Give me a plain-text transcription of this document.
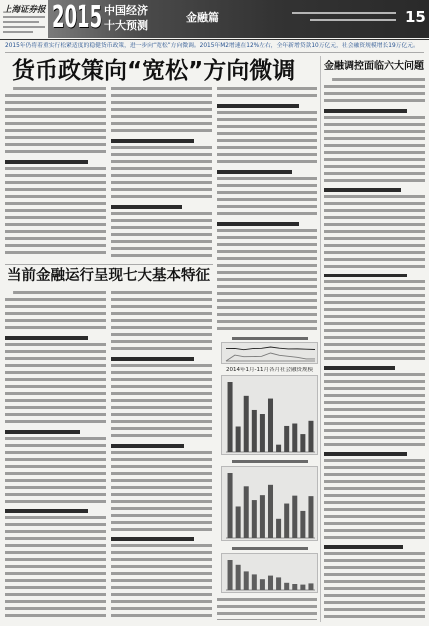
上海证券报 2015 中国经济
十大预测
金融篇	15
2015年仍将着重实行松紧适度的稳健货币政策，进一步向“宽松”方向微调。2015年M2增速在12%左右，全年新增贷款10万亿元，社会融资规模增长19万亿元。
货币政策向“宽松”方向微调
当前金融运行呈现七大基本特征
2014年1月-11月各月社会融资规模
金融调控面临六大问题
